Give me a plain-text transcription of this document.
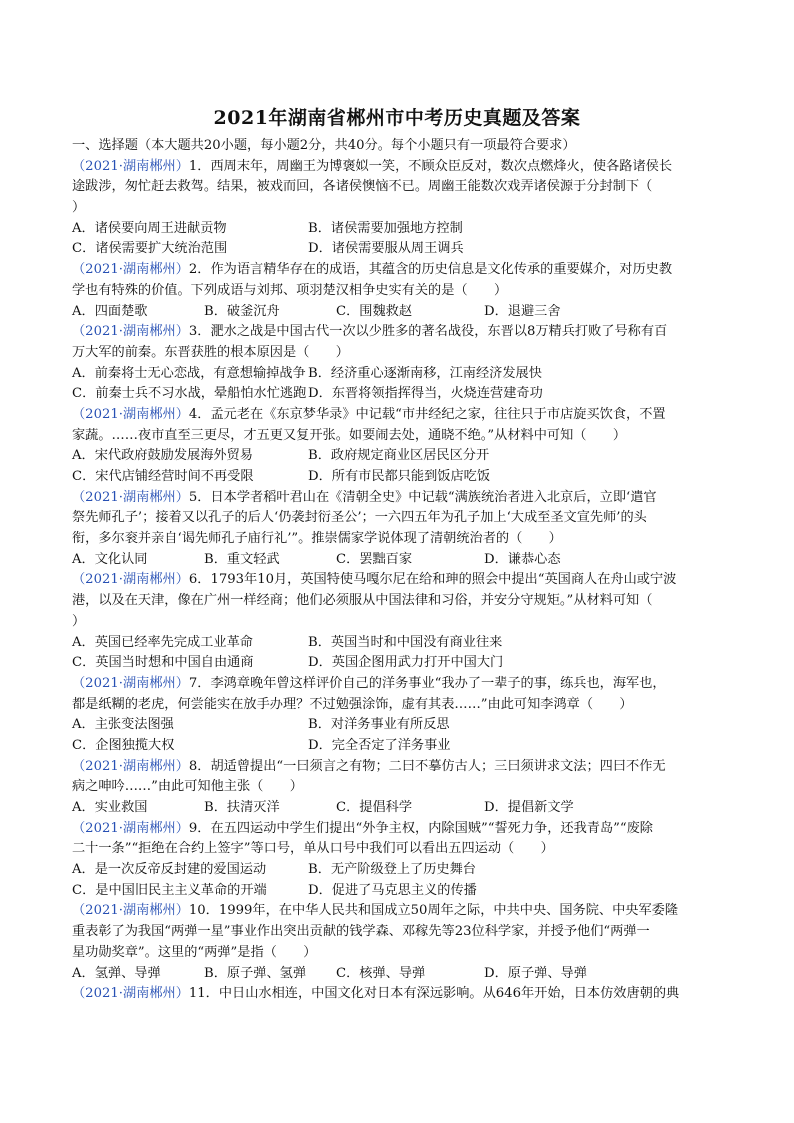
2021年湖南省郴州市中考历史真题及答案
一、选择题（本大题共20小题，每小题2分，共40分。每个小题只有一项最符合要求）
（2021·湖南郴州）1．西周末年，周幽王为博褒姒一笑，不顾众臣反对，数次点燃烽火，使各路诸侯长
途跋涉，匆忙赶去救驾。结果，被戏而回，各诸侯懊恼不已。周幽王能数次戏弄诸侯源于分封制下（
）
A．诸侯要向周王进献贡物	B．诸侯需要加强地方控制
C．诸侯需要扩大统治范围	D．诸侯需要服从周王调兵
（2021·湖南郴州）2．作为语言精华存在的成语，其蕴含的历史信息是文化传承的重要媒介，对历史教
学也有特殊的价值。下列成语与刘邦、项羽楚汉相争史实有关的是（　　）
A．四面楚歌	B．破釜沉舟	C．围魏救赵	D．退避三舍
（2021·湖南郴州）3．淝水之战是中国古代一次以少胜多的著名战役，东晋以8万精兵打败了号称有百
万大军的前秦。东晋获胜的根本原因是（　　）
A．前秦将士无心恋战，有意想输掉战争 B．经济重心逐渐南移，江南经济发展快
C．前秦士兵不习水战，晕船怕水忙逃跑 D．东晋将领指挥得当，火烧连营建奇功
（2021·湖南郴州）4．孟元老在《东京梦华录》中记载“市井经纪之家，往往只于市店旋买饮食，不置
家蔬。……夜市直至三更尽，才五更又复开张。如要闹去处，通晓不绝。”从材料中可知（　　）
A．宋代政府鼓励发展海外贸易	B．政府规定商业区居民区分开
C．宋代店铺经营时间不再受限	D．所有市民都只能到饭店吃饭
（2021·湖南郴州）5．日本学者稻叶君山在《清朝全史》中记载“满族统治者进入北京后，立即‘遣官
祭先师孔子’；接着又以孔子的后人‘仍袭封衍圣公’；一六四五年为孔子加上‘大成至圣文宣先师’的头
衔，多尔衮并亲自‘谒先师孔子庙行礼’”。推崇儒家学说体现了清朝统治者的（　　）
A．文化认同	B．重文轻武	C．罢黜百家	D．谦恭心态
（2021·湖南郴州）6．1793年10月，英国特使马嘎尔尼在给和珅的照会中提出“英国商人在舟山或宁波
港，以及在天津，像在广州一样经商；他们必须服从中国法律和习俗，并安分守规矩。”从材料可知（
）
A．英国已经率先完成工业革命	B．英国当时和中国没有商业往来
C．英国当时想和中国自由通商	D．英国企图用武力打开中国大门
（2021·湖南郴州）7．李鸿章晚年曾这样评价自己的洋务事业“我办了一辈子的事，练兵也，海军也，
都是纸糊的老虎，何尝能实在放手办理？不过勉强涂饰，虚有其表……”由此可知李鸿章（　　）
A．主张变法图强	B．对洋务事业有所反思
C．企图独揽大权	D．完全否定了洋务事业
（2021·湖南郴州）8．胡适曾提出“一曰须言之有物；二曰不摹仿古人；三曰须讲求文法；四曰不作无
病之呻吟……”由此可知他主张（　　）
A．实业救国	B．扶清灭洋	C．提倡科学	D．提倡新文学
（2021·湖南郴州）9．在五四运动中学生们提出“外争主权，内除国贼”“誓死力争，还我青岛”“废除
二十一条”“拒绝在合约上签字”等口号，单从口号中我们可以看出五四运动（　　）
A．是一次反帝反封建的爱国运动	B．无产阶级登上了历史舞台
C．是中国旧民主主义革命的开端	D．促进了马克思主义的传播
（2021·湖南郴州）10．1999年，在中华人民共和国成立50周年之际，中共中央、国务院、中央军委隆
重表彰了为我国“两弹一星”事业作出突出贡献的钱学森、邓稼先等23位科学家，并授予他们“两弹一
星功勋奖章”。这里的“两弹”是指（　　）
A．氢弹、导弹	B．原子弹、氢弹	C．核弹、导弹	D．原子弹、导弹
（2021·湖南郴州）11．中日山水相连，中国文化对日本有深远影响。从646年开始，日本仿效唐朝的典
